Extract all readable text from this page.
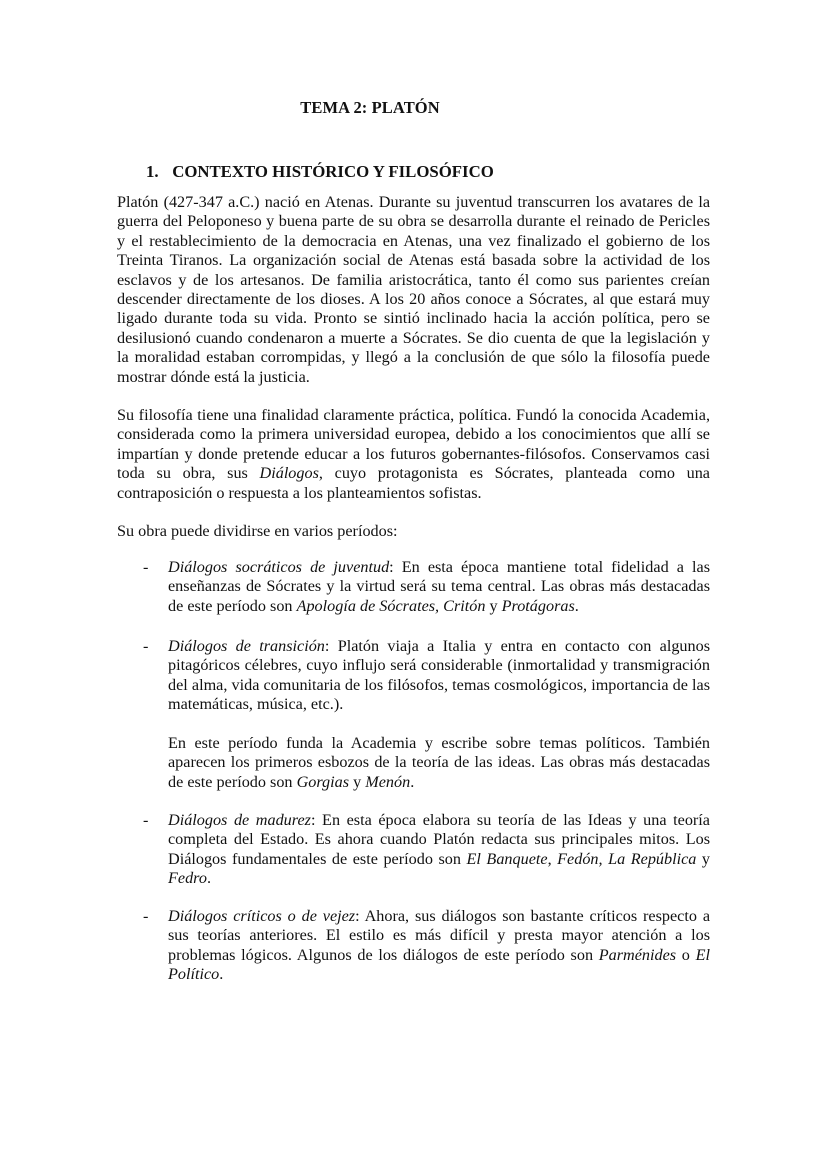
TEMA 2: PLATÓN
1. CONTEXTO HISTÓRICO Y FILOSÓFICO

Platón (427-347 a.C.) nació en Atenas. Durante su juventud transcurren los avatares de la guerra del Peloponeso y buena parte de su obra se desarrolla durante el reinado de Pericles y el restablecimiento de la democracia en Atenas, una vez finalizado el gobierno de los Treinta Tiranos. La organización social de Atenas está basada sobre la actividad de los esclavos y de los artesanos. De familia aristocrática, tanto él como sus parientes creían descender directamente de los dioses. A los 20 años conoce a Sócrates, al que estará muy ligado durante toda su vida. Pronto se sintió inclinado hacia la acción política, pero se desilusionó cuando condenaron a muerte a Sócrates. Se dio cuenta de que la legislación y la moralidad estaban corrompidas, y llegó a la conclusión de que sólo la filosofía puede mostrar dónde está la justicia.

Su filosofía tiene una finalidad claramente práctica, política. Fundó la conocida Academia, considerada como la primera universidad europea, debido a los conocimientos que allí se impartían y donde pretende educar a los futuros gobernantes-filósofos. Conservamos casi toda su obra, sus Diálogos, cuyo protagonista es Sócrates, planteada como una contraposición o respuesta a los planteamientos sofistas.

Su obra puede dividirse en varios períodos:

- Diálogos socráticos de juventud: En esta época mantiene total fidelidad a las enseñanzas de Sócrates y la virtud será su tema central. Las obras más destacadas de este período son Apología de Sócrates, Critón y Protágoras.
- Diálogos de transición: Platón viaja a Italia y entra en contacto con algunos pitagóricos célebres, cuyo influjo será considerable (inmortalidad y transmigración del alma, vida comunitaria de los filósofos, temas cosmológicos, importancia de las matemáticas, música, etc.).
En este período funda la Academia y escribe sobre temas políticos. También aparecen los primeros esbozos de la teoría de las ideas. Las obras más destacadas de este período son Gorgias y Menón.
- Diálogos de madurez: En esta época elabora su teoría de las Ideas y una teoría completa del Estado. Es ahora cuando Platón redacta sus principales mitos. Los Diálogos fundamentales de este período son El Banquete, Fedón, La República y Fedro.
- Diálogos críticos o de vejez: Ahora, sus diálogos son bastante críticos respecto a sus teorías anteriores. El estilo es más difícil y presta mayor atención a los problemas lógicos. Algunos de los diálogos de este período son Parménides o El Político.
